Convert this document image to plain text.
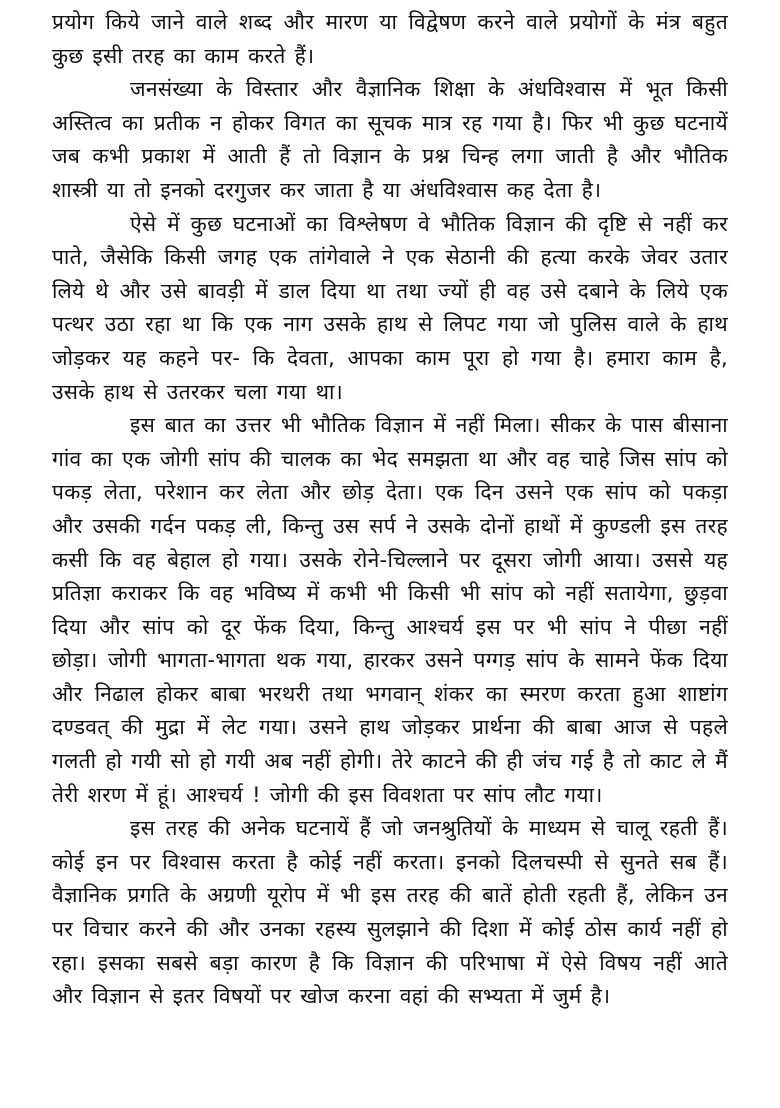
प्रयोग किये जाने वाले शब्द और मारण या विद्वेषण करने वाले प्रयोगों के मंत्र बहुत कुछ इसी तरह का काम करते हैं।

जनसंख्या के विस्तार और वैज्ञानिक शिक्षा के अंधविश्वास में भूत किसी अस्तित्व का प्रतीक न होकर विगत का सूचक मात्र रह गया है। फिर भी कुछ घटनायें जब कभी प्रकाश में आती हैं तो विज्ञान के प्रश्न चिन्ह लगा जाती है और भौतिक शास्त्री या तो इनको दरगुजर कर जाता है या अंधविश्वास कह देता है।

ऐसे में कुछ घटनाओं का विश्लेषण वे भौतिक विज्ञान की दृष्टि से नहीं कर पाते, जैसेकि किसी जगह एक तांगेवाले ने एक सेठानी की हत्या करके जेवर उतार लिये थे और उसे बावड़ी में डाल दिया था तथा ज्यों ही वह उसे दबाने के लिये एक पत्थर उठा रहा था कि एक नाग उसके हाथ से लिपट गया जो पुलिस वाले के हाथ जोड़कर यह कहने पर- कि देवता, आपका काम पूरा हो गया है। हमारा काम है, उसके हाथ से उतरकर चला गया था।

इस बात का उत्तर भी भौतिक विज्ञान में नहीं मिला। सीकर के पास बीसाना गांव का एक जोगी सांप की चालक का भेद समझता था और वह चाहे जिस सांप को पकड़ लेता, परेशान कर लेता और छोड़ देता। एक दिन उसने एक सांप को पकड़ा और उसकी गर्दन पकड़ ली, किन्तु उस सर्प ने उसके दोनों हाथों में कुण्डली इस तरह कसी कि वह बेहाल हो गया। उसके रोने-चिल्लाने पर दूसरा जोगी आया। उससे यह प्रतिज्ञा कराकर कि वह भविष्य में कभी भी किसी भी सांप को नहीं सतायेगा, छुड़वा दिया और सांप को दूर फेंक दिया, किन्तु आश्चर्य इस पर भी सांप ने पीछा नहीं छोड़ा। जोगी भागता-भागता थक गया, हारकर उसने पग्गड़ सांप के सामने फेंक दिया और निढाल होकर बाबा भरथरी तथा भगवान् शंकर का स्मरण करता हुआ शाष्टांग दण्डवत् की मुद्रा में लेट गया। उसने हाथ जोड़कर प्रार्थना की बाबा आज से पहले गलती हो गयी सो हो गयी अब नहीं होगी। तेरे काटने की ही जंच गई है तो काट ले मैं तेरी शरण में हूं। आश्चर्य ! जोगी की इस विवशता पर सांप लौट गया।

इस तरह की अनेक घटनायें हैं जो जनश्रुतियों के माध्यम से चालू रहती हैं। कोई इन पर विश्वास करता है कोई नहीं करता। इनको दिलचस्पी से सुनते सब हैं। वैज्ञानिक प्रगति के अग्रणी यूरोप में भी इस तरह की बातें होती रहती हैं, लेकिन उन पर विचार करने की और उनका रहस्य सुलझाने की दिशा में कोई ठोस कार्य नहीं हो रहा। इसका सबसे बड़ा कारण है कि विज्ञान की परिभाषा में ऐसे विषय नहीं आते और विज्ञान से इतर विषयों पर खोज करना वहां की सभ्यता में जुर्म है।
